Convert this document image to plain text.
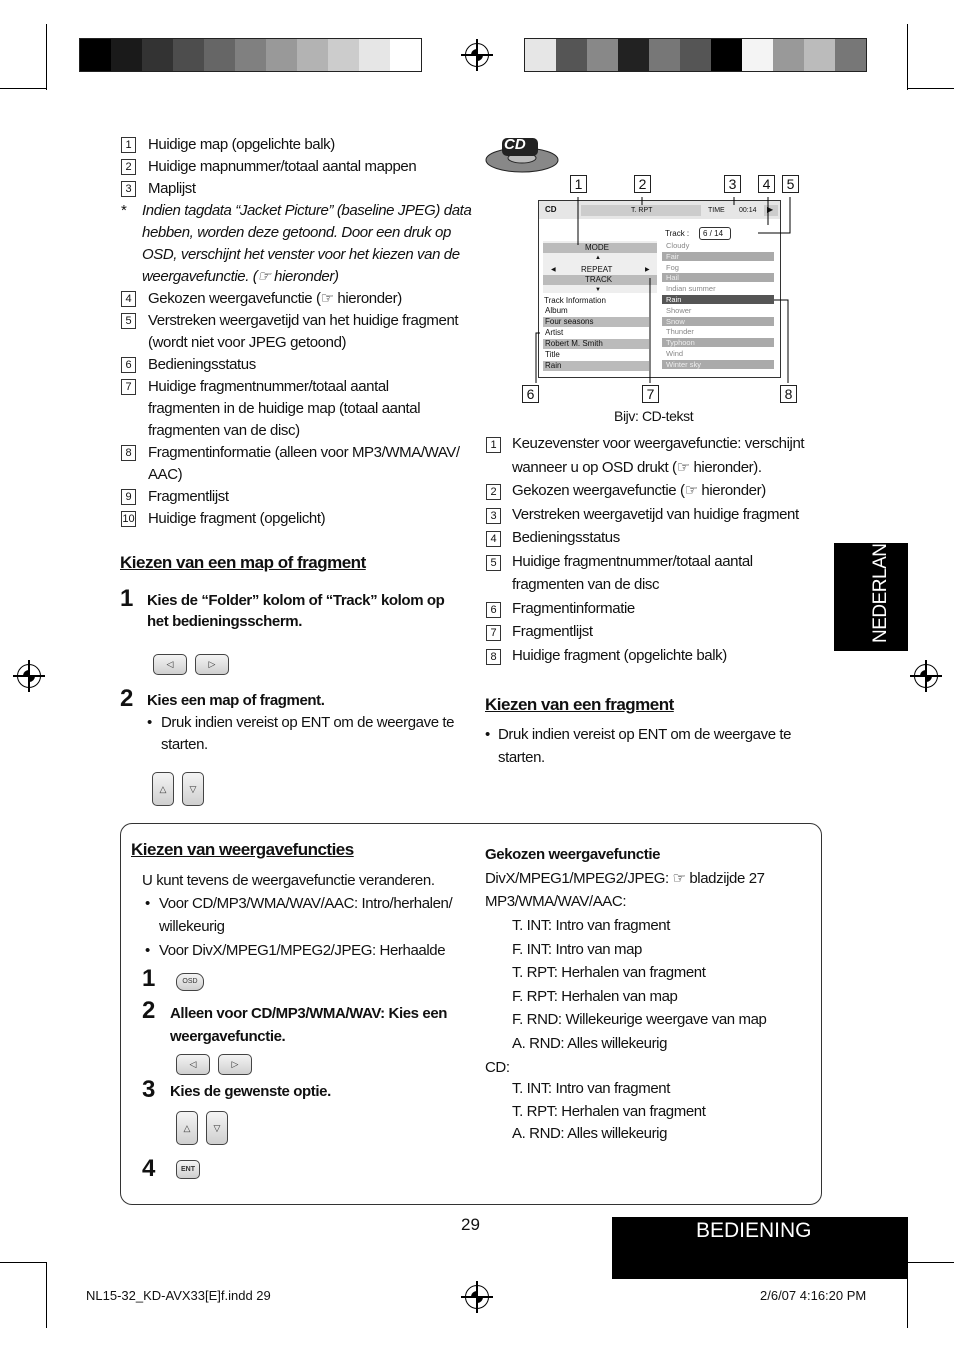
CD
CD	T. RPT	TIME 00:14 ▶
MODE
▲
REPEAT
◀	▶
TRACK
▼
Track : 6 / 14
Track Information
Bijv: CD-tekst
Kiezen van een map of fragment
1 Kies de “Folder” kolom of “Track” kolom op
het bedieningsscherm.
◁	▷
2 Kies een map of fragment.
• Druk indien vereist op ENT om de weergave te
starten.
△	▽
Kiezen van een fragment
• Druk indien vereist op ENT om de weergave te
starten.
Kiezen van weergavefuncties
U kunt tevens de weergavefunctie veranderen.
• Voor CD/MP3/WMA/WAV/AAC: Intro/herhalen/
willekeurig
• Voor DivX/MPEG1/MPEG2/JPEG: Herhaalde
1	OSD
2 Alleen voor CD/MP3/WMA/WAV: Kies een
weergavefunctie.
◁	▷
3 Kies de gewenste optie.
△	▽
4	ENT
Gekozen weergavefunctie
DivX/MPEG1/MPEG2/JPEG: ☞ bladzijde 27
MP3/WMA/WAV/AAC:
CD:
NEDERLANDS
29	BEDIENING
NL15-32_KD-AVX33[E]f.indd 29	2/6/07 4:16:20 PM
1 Huidige map (opgelichte balk)
2 Huidige mapnummer/totaal aantal mappen
3 Maplijst
* Indien tagdata “Jacket Picture” (baseline JPEG) data
hebben, worden deze getoond. Door een druk op
OSD, verschijnt het venster voor het kiezen van de
weergavefunctie. (☞ hieronder)
4 Gekozen weergavefunctie (☞ hieronder)
5 Verstreken weergavetijd van het huidige fragment
(wordt niet voor JPEG getoond)
6 Bedieningsstatus
7 Huidige fragmentnummer/totaal aantal
fragmenten in de huidige map (totaal aantal
fragmenten van de disc)
8 Fragmentinformatie (alleen voor MP3/WMA/WAV/
AAC)
9 Fragmentlijst
10 Huidige fragment (opgelicht)
1 Keuzevenster voor weergavefunctie: verschijnt
wanneer u op OSD drukt (☞ hieronder).
2 Gekozen weergavefunctie (☞ hieronder)
3 Verstreken weergavetijd van huidige fragment
4 Bedieningsstatus
5 Huidige fragmentnummer/totaal aantal
fragmenten van de disc
6 Fragmentinformatie
7 Fragmentlijst
8 Huidige fragment (opgelichte balk)
Album
Four seasons
Artist
Robert M. Smith
Title
Rain
Cloudy
Fair
Fog
Hail
Indian summer
Rain
Shower
Snow
Thunder
Typhoon
Wind
Winter sky
1	2	3	4	5
6	7	8
T. INT: Intro van fragment
F. INT: Intro van map
T. RPT: Herhalen van fragment
F. RPT: Herhalen van map
F. RND: Willekeurige weergave van map
A. RND: Alles willekeurig
T. INT: Intro van fragment
T. RPT: Herhalen van fragment
A. RND: Alles willekeurig
